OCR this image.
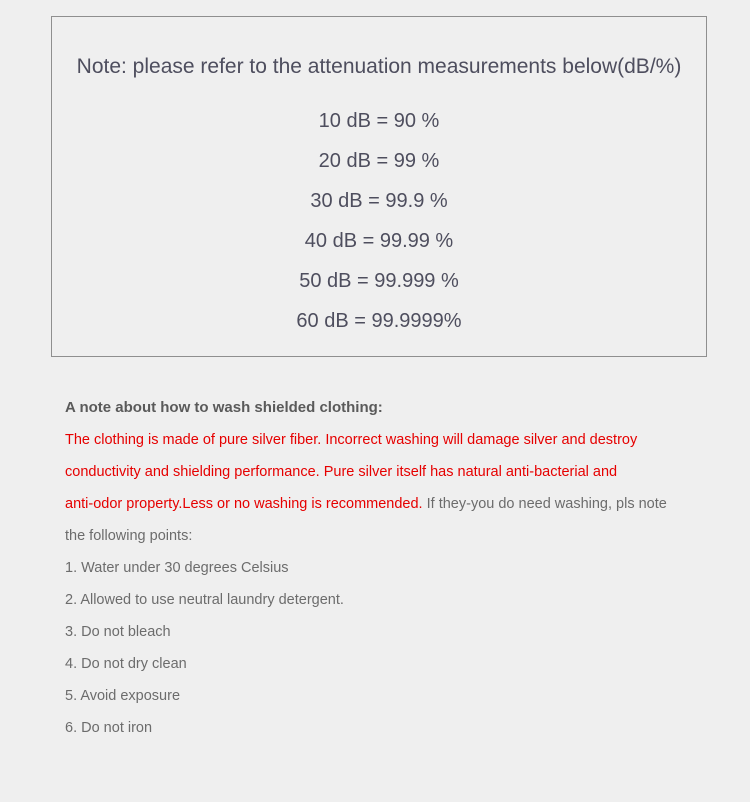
Note: please refer to the attenuation measurements below(dB/%)
10 dB = 90 %
20 dB = 99 %
30 dB = 99.9 %
40 dB = 99.99 %
50 dB = 99.999 %
60 dB = 99.9999%
A note about how to wash shielded clothing:
The clothing is made of pure silver fiber. Incorrect washing will damage silver and destroy
conductivity and shielding performance. Pure silver itself has natural anti-bacterial and
anti-odor property.Less or no washing is recommended. If they-you do need washing, pls note
the following points:
1. Water under 30 degrees Celsius
2. Allowed to use neutral laundry detergent.
3. Do not bleach
4. Do not dry clean
5. Avoid exposure
6. Do not iron
